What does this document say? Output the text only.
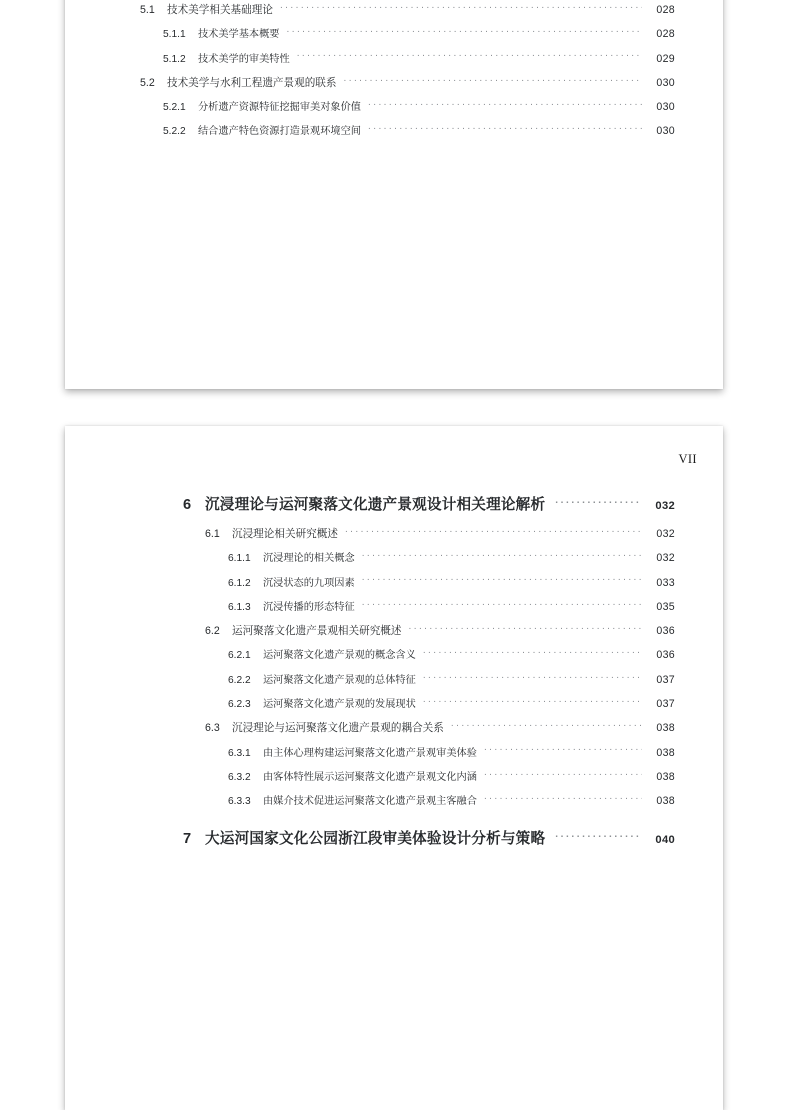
5.1	技术美学相关基础理论 .....	028
5.1.1	技术美学基本概要 .....	028
5.1.2	技术美学的审美特性 .....	029
5.2	技术美学与水利工程遗产景观的联系 .....	030
5.2.1	分析遗产资源特征挖掘审美对象价值 .....	030
5.2.2	结合遗产特色资源打造景观环境空间 .....	030
VII
6 沉浸理论与运河聚落文化遗产景观设计相关理论解析 .....	032
6.1	沉浸理论相关研究概述 .....	032
6.1.1	沉浸理论的相关概念 .....	032
6.1.2	沉浸状态的九项因素 .....	033
6.1.3	沉浸传播的形态特征 .....	035
6.2	运河聚落文化遗产景观相关研究概述 .....	036
6.2.1	运河聚落文化遗产景观的概念含义 .....	036
6.2.2	运河聚落文化遗产景观的总体特征 .....	037
6.2.3	运河聚落文化遗产景观的发展现状 .....	037
6.3	沉浸理论与运河聚落文化遗产景观的耦合关系 .....	038
6.3.1	由主体心理构建运河聚落文化遗产景观审美体验 .....	038
6.3.2	由客体特性展示运河聚落文化遗产景观文化内涵 .....	038
6.3.3	由媒介技术促进运河聚落文化遗产景观主客融合 .....	038
7 大运河国家文化公园浙江段审美体验设计分析与策略 .....	040
